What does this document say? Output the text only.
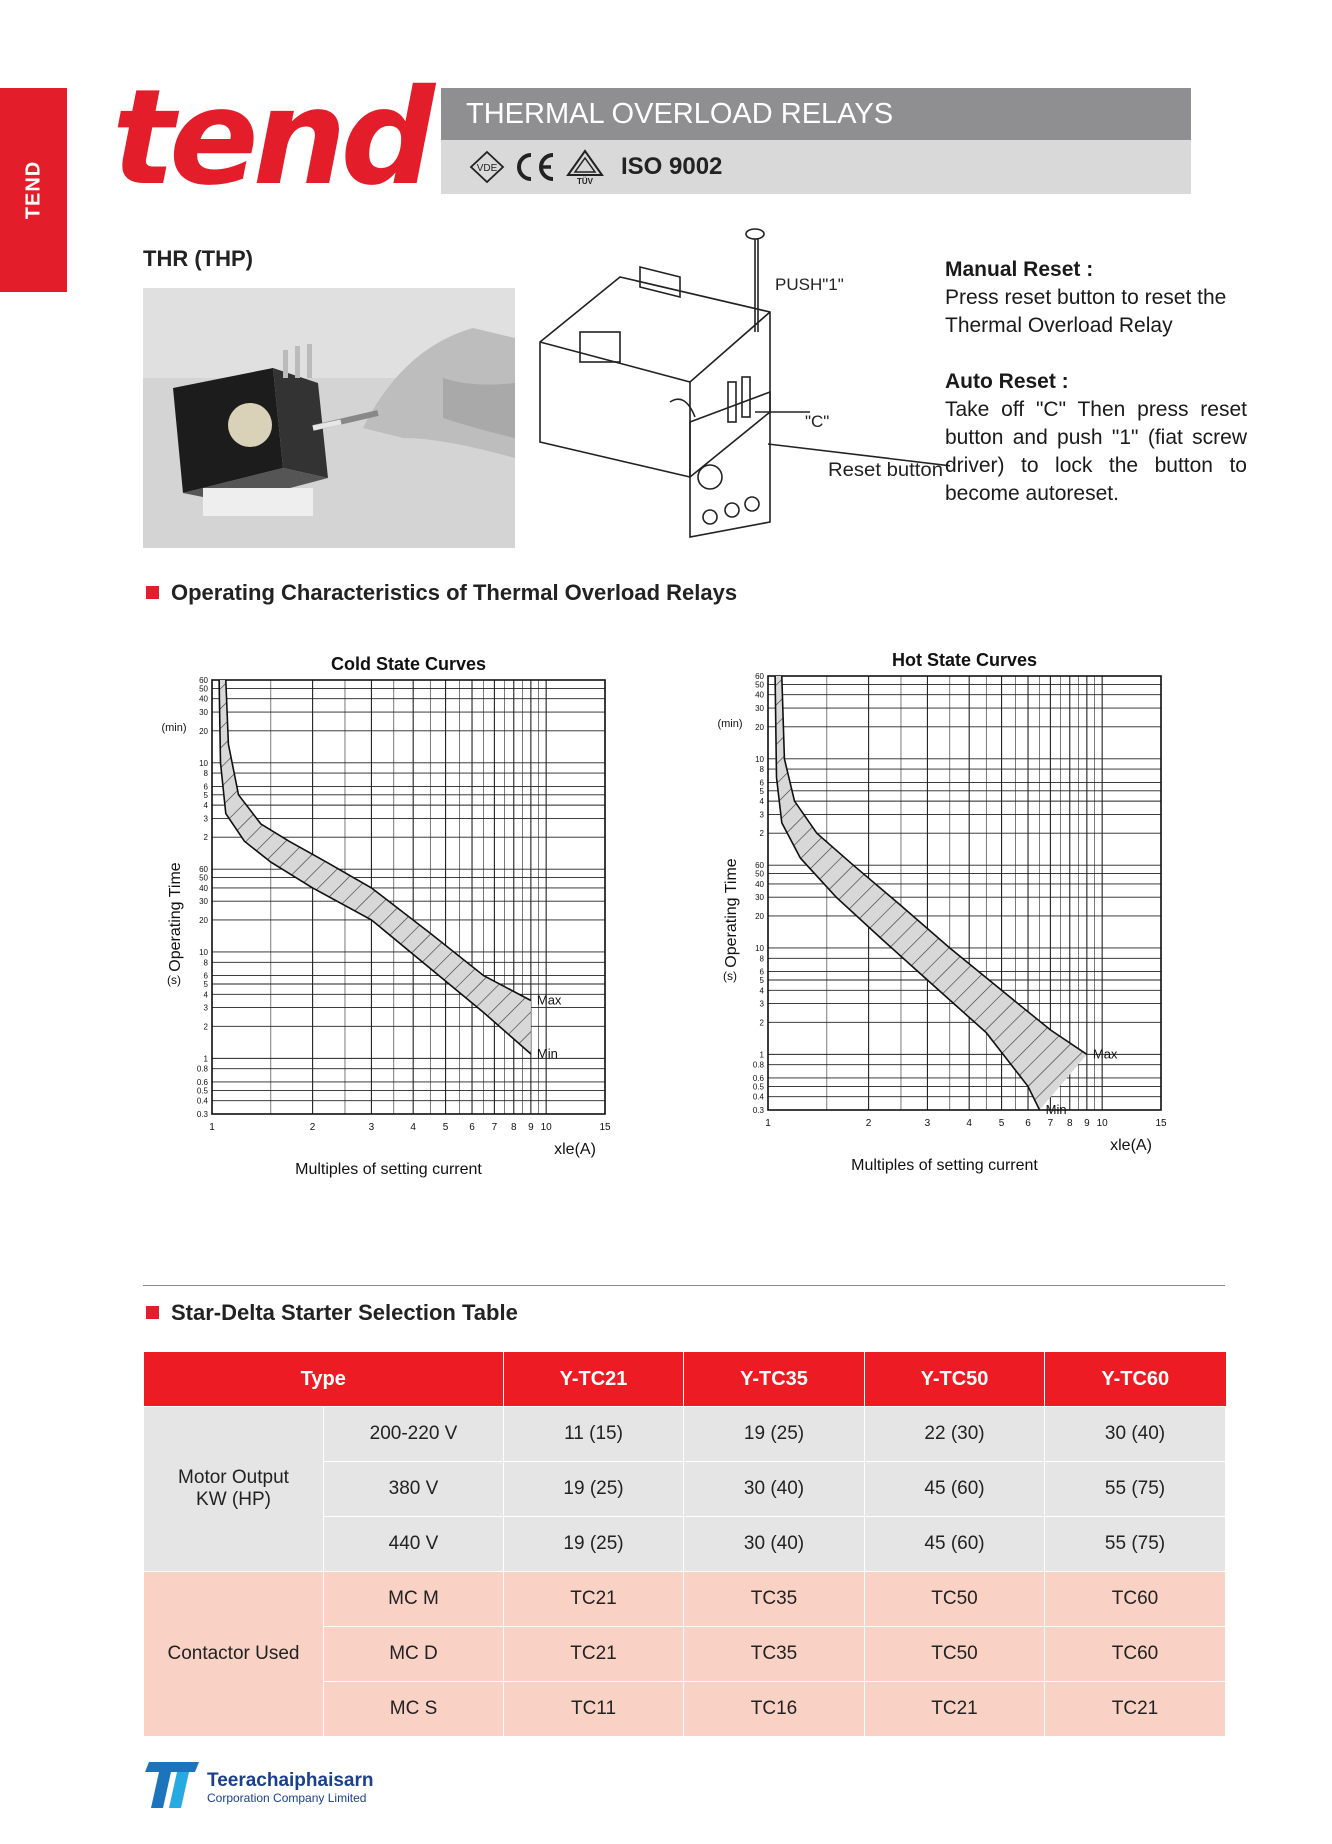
TEND tend THERMAL OVERLOAD RELAYS
VDE
TÜV
ISO 9002
THR (THP)
PUSH"1"
"C"
Reset button

Manual Reset :

Press reset button to reset the Thermal Overload Relay

Auto Reset :

Take off "C" Then press reset button and push "1" (fiat screw driver) to lock the button to become autoreset.

Operating Characteristics of Thermal Overload Relays
Max
Min
Cold State Curves
1	2	3	4	5 6 7 8 9 10	15
60
50
40
30
20
10
8
6
5
4
3
2
1
0.8
0.6
0.5
0.4
0.3
60
50
40
30
20
10
8
6
5
4
3
2
(min)
(s)
Operating Time
Multiples of setting current
xle(A)
Max
Min
Hot State Curves
1	2	3	4	5 6 7 8 9 10	15
60
50
40
30
20
10
8
6
5
4
3
2
1
0.8
0.6
0.5
0.4
0.3
60
50
40
30
20
10
8
6
5
4
3
2
(min)
(s)
Operating Time
Multiples of setting current
xle(A)
Star-Delta Starter Selection Table
Type		Y-TC21	Y-TC35	Y-TC50	Y-TC60
Motor Output KW (HP)	200-220 V	11 (15)	19 (25)	22 (30)	30 (40)
	380 V	19 (25)	30 (40)	45 (60)	55 (75)
	440 V	19 (25)	30 (40)	45 (60)	55 (75)
Contactor Used	MC M	TC21	TC35	TC50	TC60
	MC D	TC21	TC35	TC50	TC60
	MC S	TC11	TC16	TC21	TC21
Teerachaiphaisarn
Corporation Company Limited
